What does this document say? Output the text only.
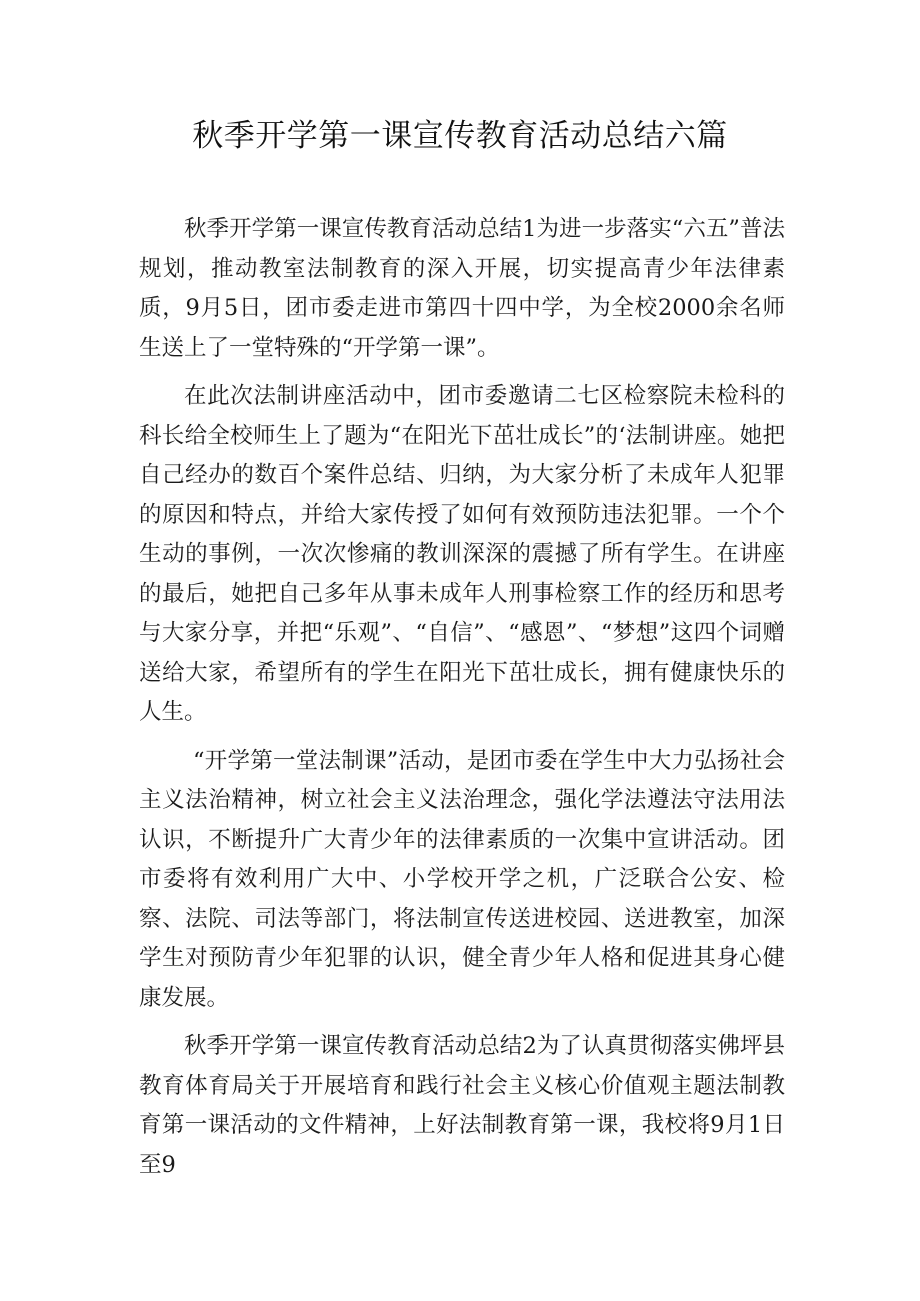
秋季开学第一课宣传教育活动总结六篇

秋季开学第一课宣传教育活动总结1为进一步落实“六五”普法规划，推动教室法制教育的深入开展，切实提高青少年法律素质，9月5日，团市委走进市第四十四中学，为全校2000余名师生送上了一堂特殊的“开学第一课”。

在此次法制讲座活动中，团市委邀请二七区检察院未检科的科长给全校师生上了题为“在阳光下茁壮成长”的‘法制讲座。她把自己经办的数百个案件总结、归纳，为大家分析了未成年人犯罪的原因和特点，并给大家传授了如何有效预防违法犯罪。一个个生动的事例，一次次惨痛的教训深深的震撼了所有学生。在讲座的最后，她把自己多年从事未成年人刑事检察工作的经历和思考与大家分享，并把“乐观”、“自信”、“感恩”、“梦想”这四个词赠送给大家，希望所有的学生在阳光下茁壮成长，拥有健康快乐的人生。

“开学第一堂法制课”活动，是团市委在学生中大力弘扬社会主义法治精神，树立社会主义法治理念，强化学法遵法守法用法认识，不断提升广大青少年的法律素质的一次集中宣讲活动。团市委将有效利用广大中、小学校开学之机，广泛联合公安、检察、法院、司法等部门，将法制宣传送进校园、送进教室，加深学生对预防青少年犯罪的认识，健全青少年人格和促进其身心健康发展。

秋季开学第一课宣传教育活动总结2为了认真贯彻落实佛坪县教育体育局关于开展培育和践行社会主义核心价值观主题法制教育第一课活动的文件精神，上好法制教育第一课，我校将9月1日至9
